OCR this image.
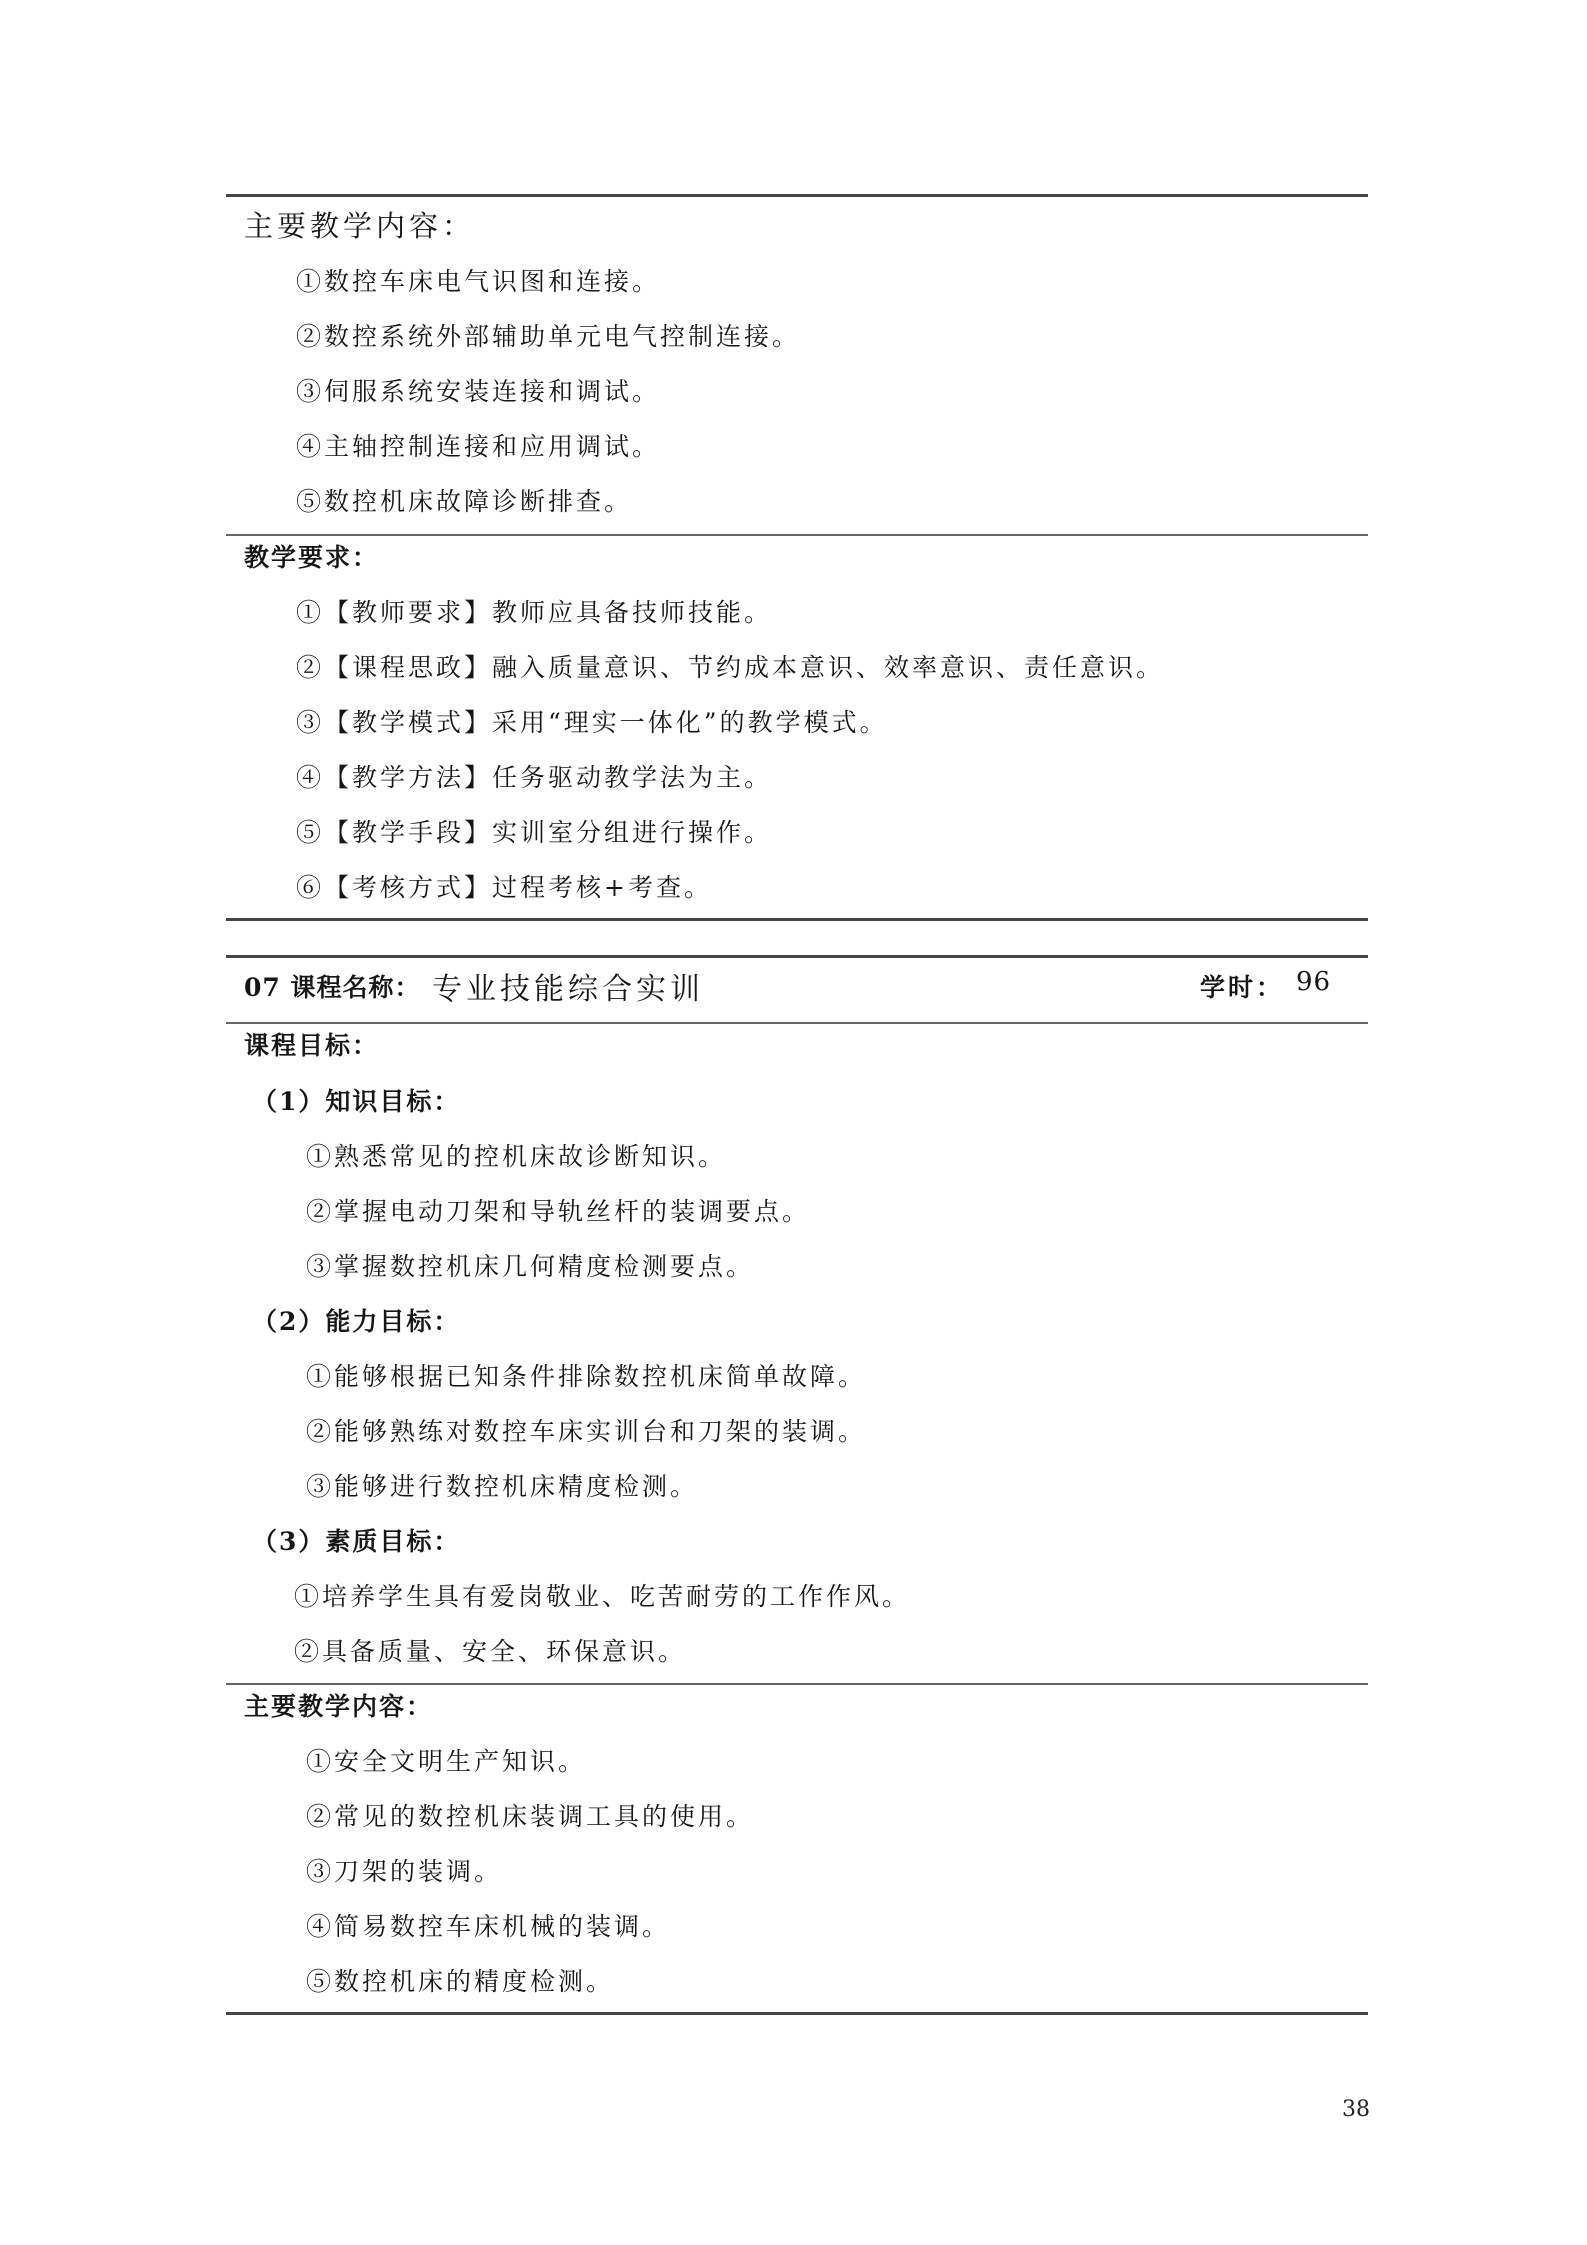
主要教学内容：
①数控车床电气识图和连接。
②数控系统外部辅助单元电气控制连接。
③伺服系统安装连接和调试。
④主轴控制连接和应用调试。
⑤数控机床故障诊断排查。
教学要求：
①【教师要求】教师应具备技师技能。
②【课程思政】融入质量意识、节约成本意识、效率意识、责任意识。
③【教学模式】采用“理实一体化”的教学模式。
④【教学方法】任务驱动教学法为主。
⑤【教学手段】实训室分组进行操作。
⑥【考核方式】过程考核+考查。
07 课程名称： 专业技能综合实训	学时： 96
课程目标：
（1）知识目标：
①熟悉常见的控机床故诊断知识。
②掌握电动刀架和导轨丝杆的装调要点。
③掌握数控机床几何精度检测要点。
（2）能力目标：
①能够根据已知条件排除数控机床简单故障。
②能够熟练对数控车床实训台和刀架的装调。
③能够进行数控机床精度检测。
（3）素质目标：
①培养学生具有爱岗敬业、吃苦耐劳的工作作风。
②具备质量、安全、环保意识。
主要教学内容：
①安全文明生产知识。
②常见的数控机床装调工具的使用。
③刀架的装调。
④简易数控车床机械的装调。
⑤数控机床的精度检测。
38
